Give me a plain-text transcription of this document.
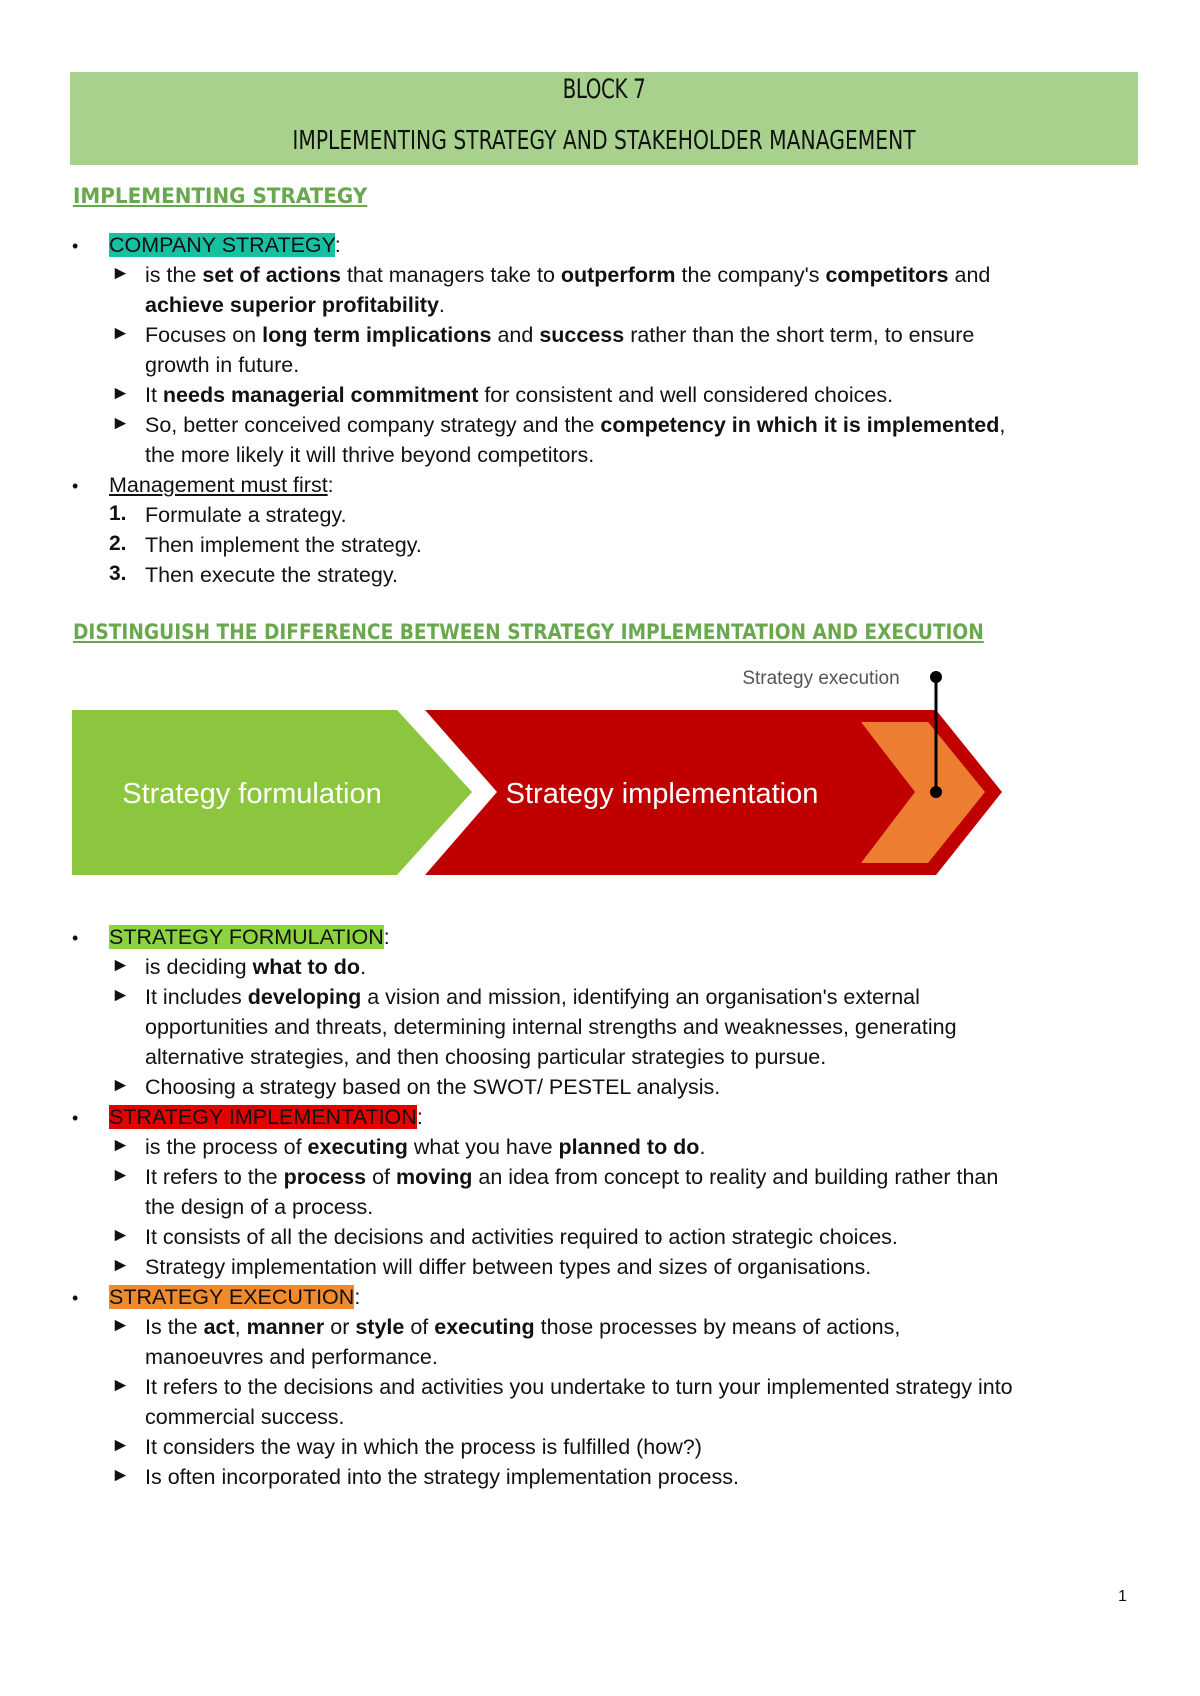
BLOCK 7
IMPLEMENTING STRATEGY AND STAKEHOLDER MANAGEMENT
IMPLEMENTING STRATEGY
• COMPANY STRATEGY:
► is the set of actions that managers take to outperform the company's competitors and
achieve superior profitability.
► Focuses on long term implications and success rather than the short term, to ensure
growth in future.
► It needs managerial commitment for consistent and well considered choices.
► So, better conceived company strategy and the competency in which it is implemented,
the more likely it will thrive beyond competitors.
• Management must first:
1. Formulate a strategy.
2. Then implement the strategy.
3. Then execute the strategy.
DISTINGUISH THE DIFFERENCE BETWEEN STRATEGY IMPLEMENTATION AND EXECUTION
Strategy formulation	Strategy implementation
Strategy execution
• STRATEGY FORMULATION:
► is deciding what to do.
► It includes developing a vision and mission, identifying an organisation's external
opportunities and threats, determining internal strengths and weaknesses, generating
alternative strategies, and then choosing particular strategies to pursue.
► Choosing a strategy based on the SWOT/ PESTEL analysis.
• STRATEGY IMPLEMENTATION:
► is the process of executing what you have planned to do.
► It refers to the process of moving an idea from concept to reality and building rather than
the design of a process.
► It consists of all the decisions and activities required to action strategic choices.
► Strategy implementation will differ between types and sizes of organisations.
• STRATEGY EXECUTION:
► Is the act, manner or style of executing those processes by means of actions,
manoeuvres and performance.
► It refers to the decisions and activities you undertake to turn your implemented strategy into
commercial success.
► It considers the way in which the process is fulfilled (how?)
► Is often incorporated into the strategy implementation process.
1
